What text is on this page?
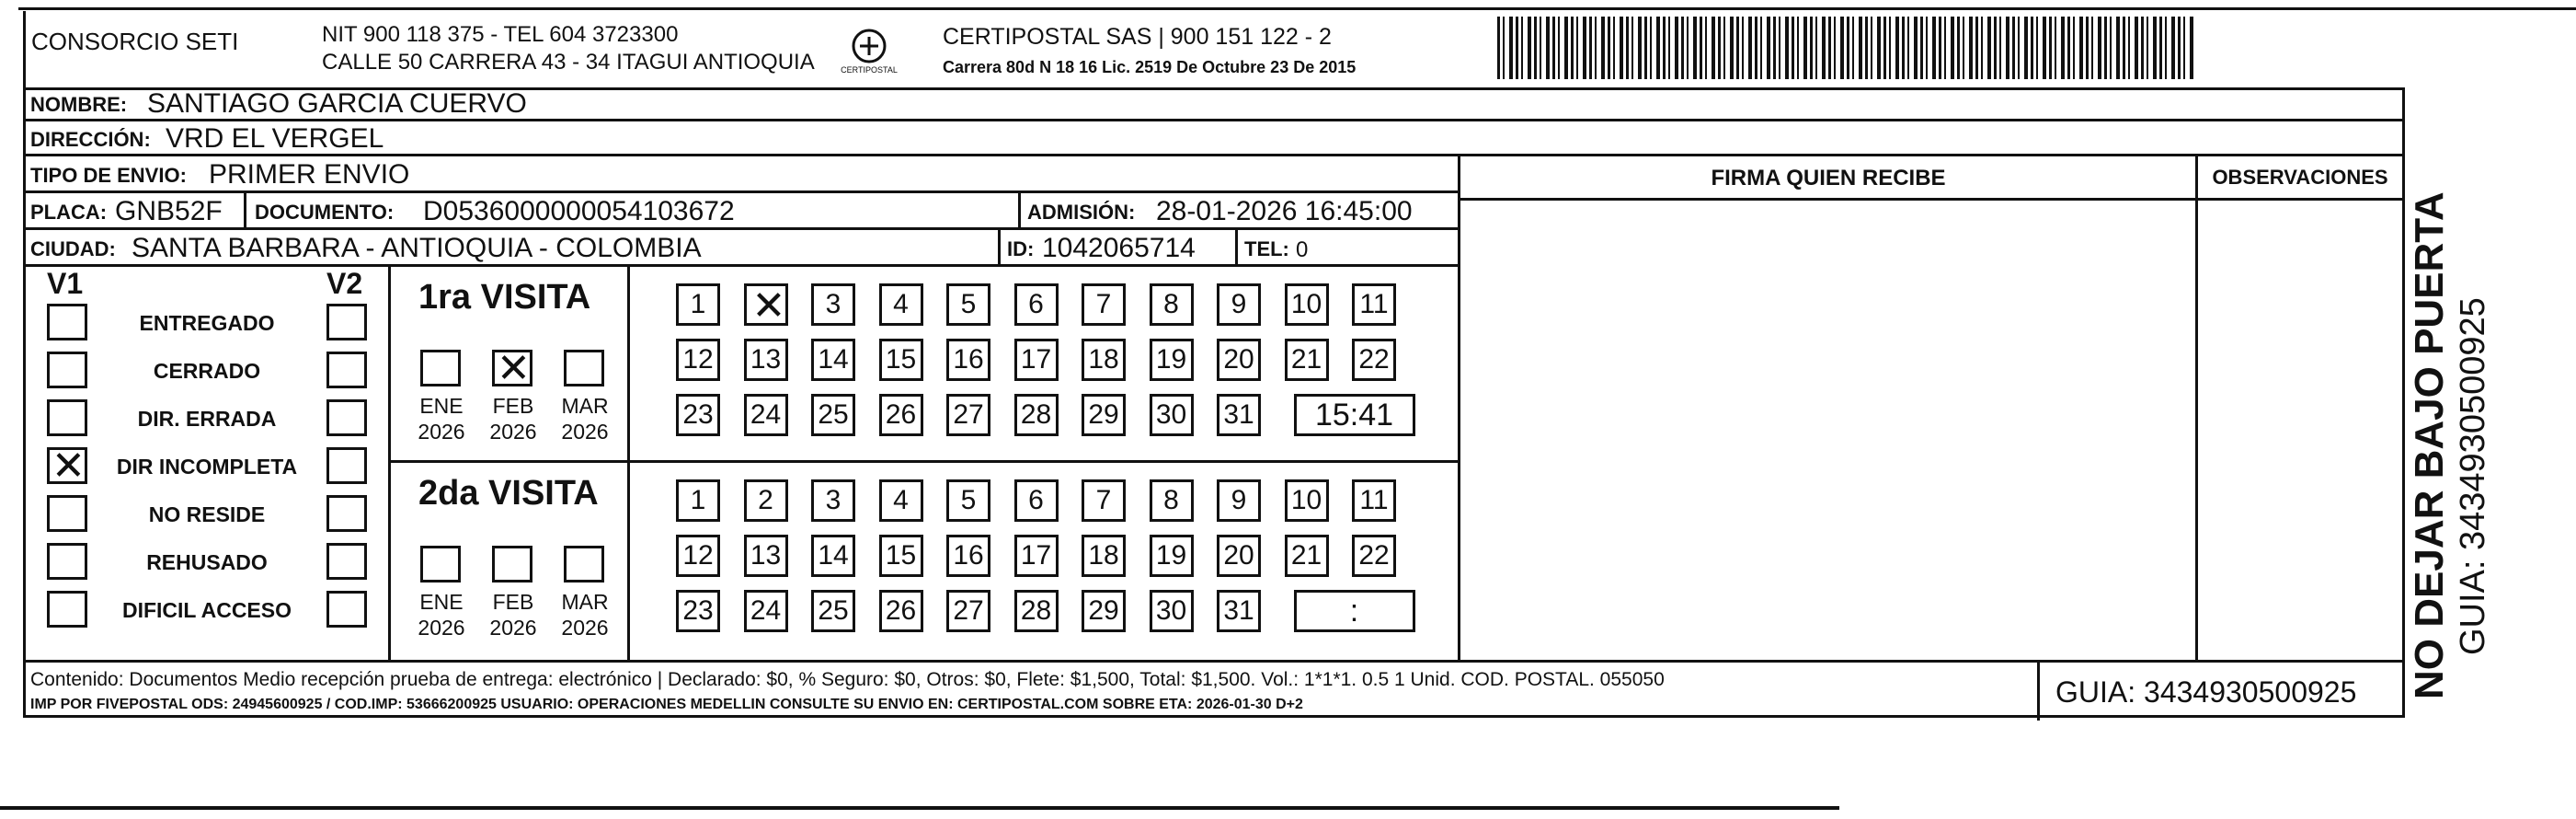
CONSORCIO SETI	NIT 900 118 375 - TEL 604 3723300
CALLE 50 CARRERA 43 - 34 ITAGUI ANTIOQUIA	CERTIPOSTAL
CERTIPOSTAL SAS | 900 151 122 - 2
Carrera 80d N 18 16 Lic. 2519 De Octubre 23 De 2015
NOMBRE: SANTIAGO GARCIA CUERVO
DIRECCIÓN: VRD EL VERGEL
TIPO DE ENVIO: PRIMER ENVIO
PLACA: GNB52F DOCUMENTO: D0536000000054103672	ADMISIÓN: 28-01-2026 16:45:00
CIUDAD: SANTA BARBARA - ANTIOQUIA - COLOMBIA	ID: 1042065714 TEL: 0
FIRMA QUIEN RECIBE	OBSERVACIONES
V1	V2
ENTREGADO
CERRADO
DIR. ERRADA
✕ DIR INCOMPLETA
NO RESIDE
REHUSADO
DIFICIL ACCESO
1ra VISITA
ENE
2026
✕
FEB
2026
MAR
2026
1	✕	3	4	5	6	7	8	9	10 11
12 13 14 15 16 17 18 19 20 21 22
23 24 25 26 27 28 29 30 31	15:41
2da VISITA
ENE
2026
FEB
2026
MAR
2026
1	2	3	4	5	6	7	8	9	10 11
12 13 14 15 16 17 18 19 20 21 22
23 24 25 26 27 28 29 30 31	:
Contenido: Documentos Medio recepción prueba de entrega: electrónico | Declarado: $0, % Seguro: $0, Otros: $0, Flete: $1,500, Total: $1,500. Vol.: 1*1*1. 0.5 1 Unid. COD. POSTAL. 055050
IMP POR FIVEPOSTAL ODS: 24945600925 / COD.IMP: 53666200925 USUARIO: OPERACIONES MEDELLIN CONSULTE SU ENVIO EN: CERTIPOSTAL.COM SOBRE ETA: 2026-01-30 D+2	GUIA: 3434930500925 NO DEJAR BAJO PUERTA GUIA: 3434930500925
